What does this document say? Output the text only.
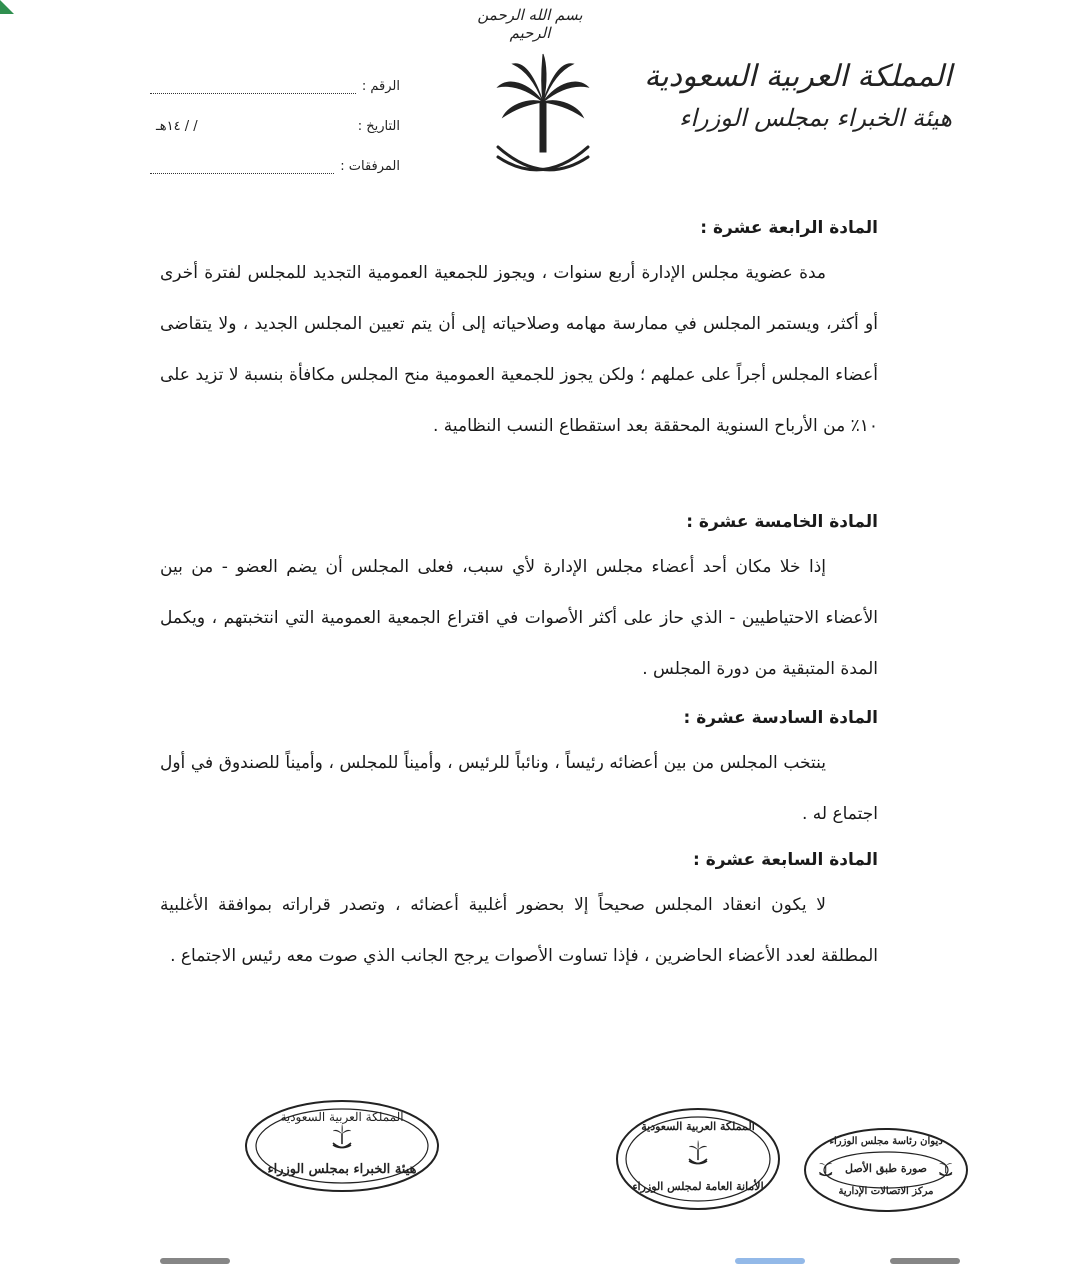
بسم الله الرحمن الرحيم
المملكة العربية السعودية
هيئة الخبراء بمجلس الوزراء
الرقم :
التاريخ :
/ / ١٤هـ
المرفقات :
المادة الرابعة عشرة :

مدة عضوية مجلس الإدارة أربع سنوات ، ويجوز للجمعية العمومية التجديد للمجلس لفترة أخرى أو أكثر، ويستمر المجلس في ممارسة مهامه وصلاحياته إلى أن يتم تعيين المجلس الجديد ، ولا يتقاضى أعضاء المجلس أجراً على عملهم ؛ ولكن يجوز للجمعية العمومية منح المجلس مكافأة بنسبة لا تزيد على ١٠٪ من الأرباح السنوية المحققة بعد استقطاع النسب النظامية .

المادة الخامسة عشرة :

إذا خلا مكان أحد أعضاء مجلس الإدارة لأي سبب، فعلى المجلس أن يضم العضو - من بين الأعضاء الاحتياطيين - الذي حاز على أكثر الأصوات في اقتراع الجمعية العمومية التي انتخبتهم ، ويكمل المدة المتبقية من دورة المجلس .

المادة السادسة عشرة :

ينتخب المجلس من بين أعضائه رئيساً ، ونائباً للرئيس ، وأميناً للمجلس ، وأميناً للصندوق في أول اجتماع له .

المادة السابعة عشرة :

لا يكون انعقاد المجلس صحيحاً إلا بحضور أغلبية أعضائه ، وتصدر قراراته بموافقة الأغلبية المطلقة لعدد الأعضاء الحاضرين ، فإذا تساوت الأصوات يرجح الجانب الذي صوت معه رئيس الاجتماع .

المملكة العربية السعودية
هيئة الخبراء بمجلس الوزراء
المملكة العربية السعودية
الأمانة العامة لمجلس الوزراء
ديوان رئاسة مجلس الوزراء
صورة طبق الأصل
مركز الاتصالات الإدارية
